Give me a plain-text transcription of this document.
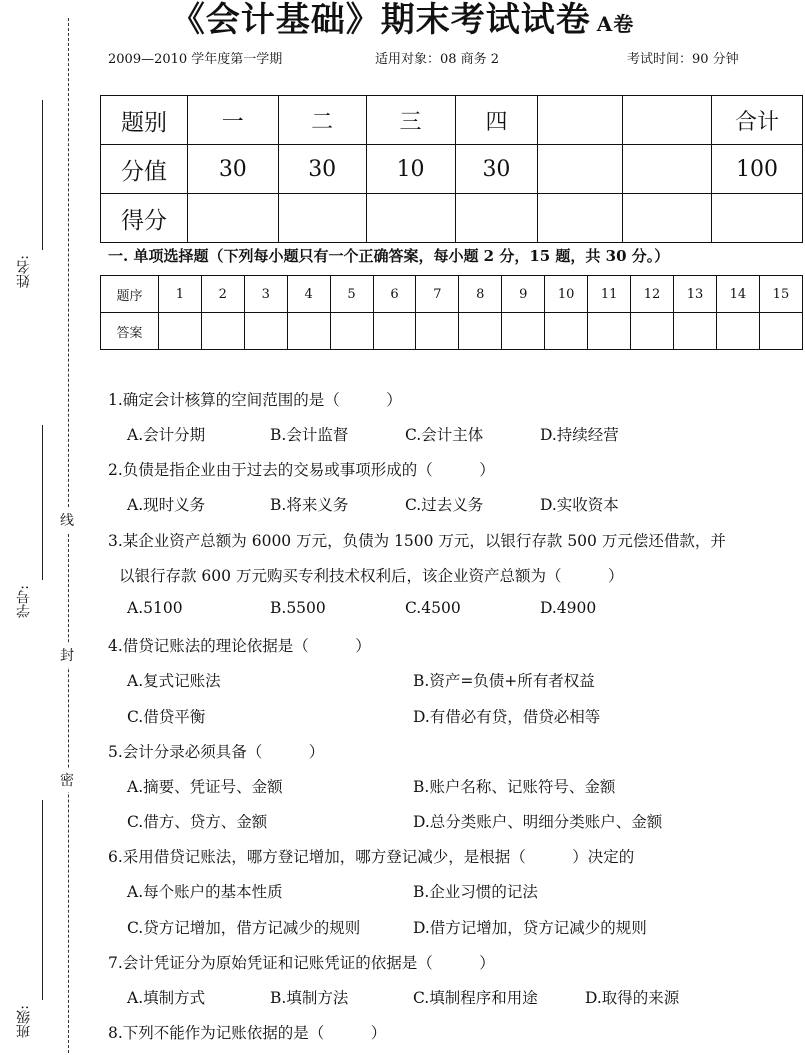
姓名:
学号:
班级:
线
封
密
《会计基础》期末考试试卷 A卷
2009—2010 学年度第一学期	适用对象：08 商务 2	考试时间：90 分钟
题别	一	二	三	四			合计
分值	30	30	10	30			100
得分							
一. 单项选择题（下列每小题只有一个正确答案，每小题 2 分，15 题，共 30 分。）
题序	1	2	3	4	5	6	7	8	9	10	11	12	13	14	15
答案															
1.确定会计核算的空间范围的是（　　　）
A.会计分期	B.会计监督	C.会计主体	D.持续经营
2.负债是指企业由于过去的交易或事项形成的（　　　）
A.现时义务	B.将来义务	C.过去义务	D.实收资本
3.某企业资产总额为 6000 万元，负债为 1500 万元，以银行存款 500 万元偿还借款，并
以银行存款 600 万元购买专利技术权利后，该企业资产总额为（　　　）
A.5100	B.5500	C.4500	D.4900
4.借贷记账法的理论依据是（　　　）
A.复式记账法	B.资产=负债+所有者权益
C.借贷平衡	D.有借必有贷，借贷必相等
5.会计分录必须具备（　　　）
A.摘要、凭证号、金额	B.账户名称、记账符号、金额
C.借方、贷方、金额	D.总分类账户、明细分类账户、金额
6.采用借贷记账法，哪方登记增加，哪方登记减少，是根据（　　　）决定的
A.每个账户的基本性质	B.企业习惯的记法
C.贷方记增加，借方记减少的规则	D.借方记增加，贷方记减少的规则
7.会计凭证分为原始凭证和记账凭证的依据是（　　　）
A.填制方式	B.填制方法	C.填制程序和用途	D.取得的来源
8.下列不能作为记账依据的是（　　　）
